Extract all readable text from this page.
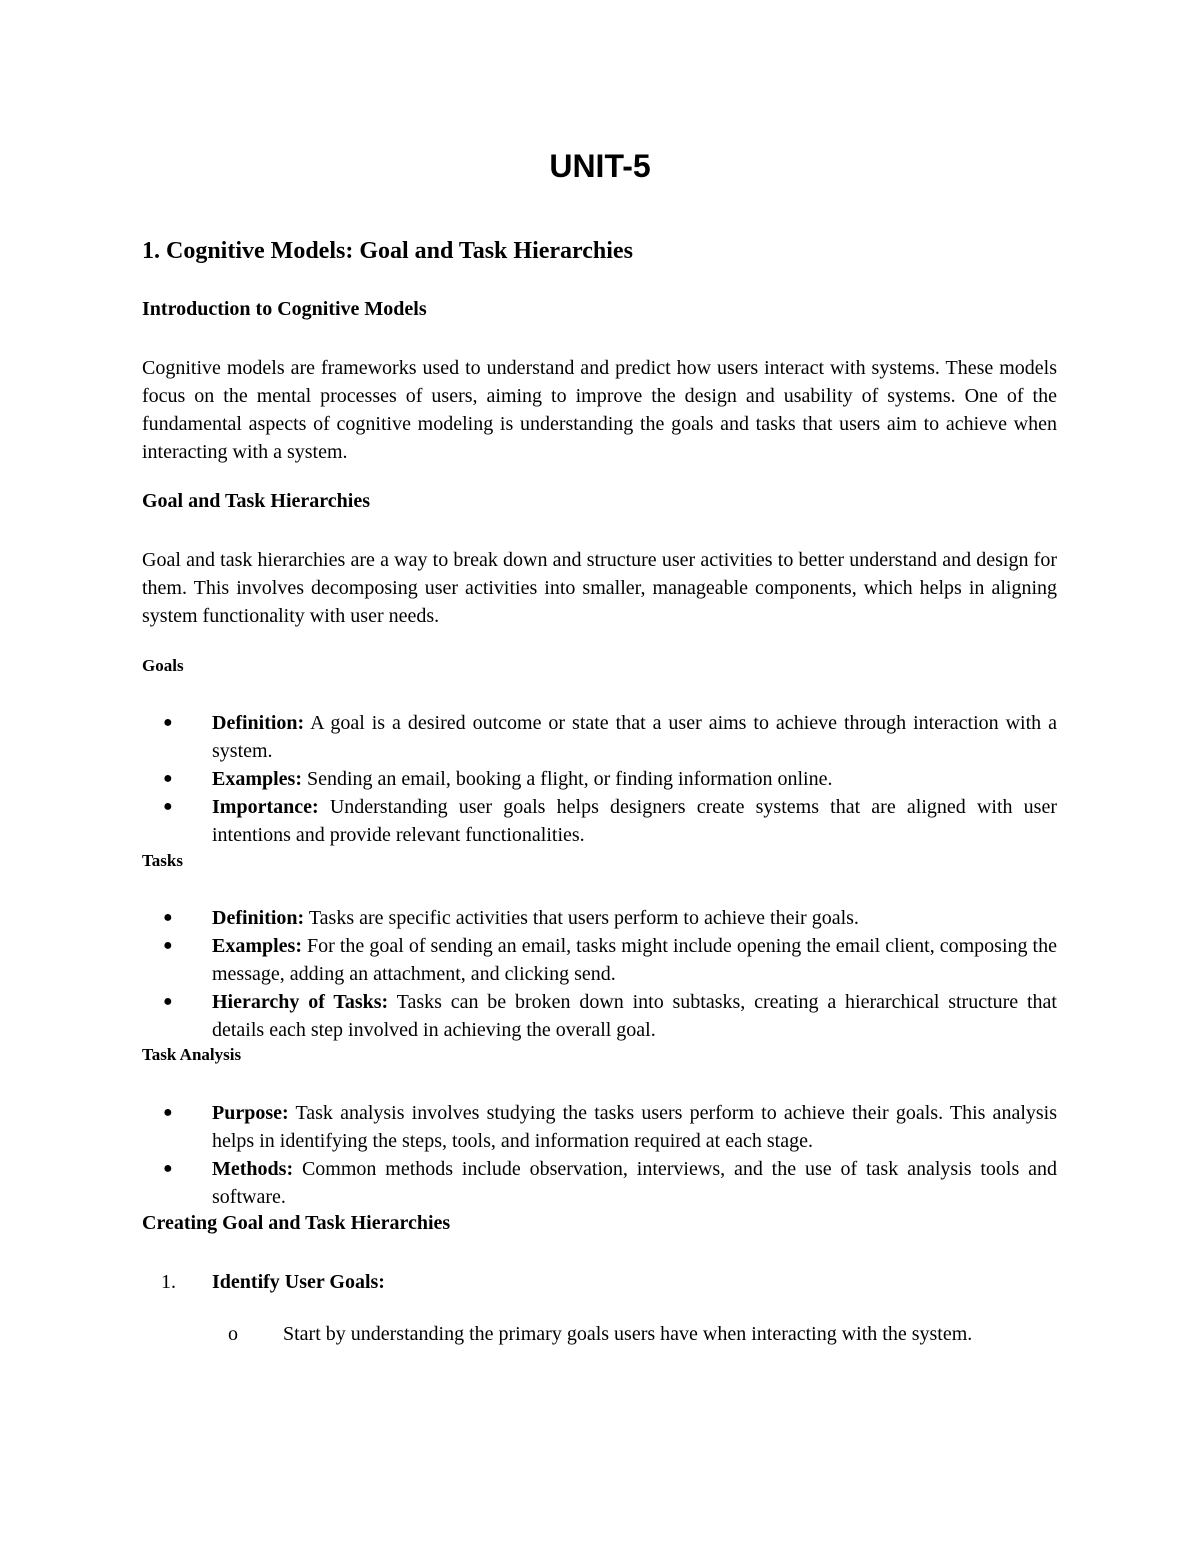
UNIT-5
1. Cognitive Models: Goal and Task Hierarchies
Introduction to Cognitive Models

Cognitive models are frameworks used to understand and predict how users interact with systems. These models focus on the mental processes of users, aiming to improve the design and usability of systems. One of the fundamental aspects of cognitive modeling is understanding the goals and tasks that users aim to achieve when interacting with a system.

Goal and Task Hierarchies

Goal and task hierarchies are a way to break down and structure user activities to better understand and design for them. This involves decomposing user activities into smaller, manageable components, which helps in aligning system functionality with user needs.

Goals
●	Definition: A goal is a desired outcome or state that a user aims to achieve through interaction with a system.
●	Examples: Sending an email, booking a flight, or finding information online.
●	Importance: Understanding user goals helps designers create systems that are aligned with user intentions and provide relevant functionalities.
Tasks
●	Definition: Tasks are specific activities that users perform to achieve their goals.
●	Examples: For the goal of sending an email, tasks might include opening the email client, composing the message, adding an attachment, and clicking send.
●	Hierarchy of Tasks: Tasks can be broken down into subtasks, creating a hierarchical structure that details each step involved in achieving the overall goal.
Task Analysis
●	Purpose: Task analysis involves studying the tasks users perform to achieve their goals. This analysis helps in identifying the steps, tools, and information required at each stage.
●	Methods: Common methods include observation, interviews, and the use of task analysis tools and software.
Creating Goal and Task Hierarchies
1. Identify User Goals:
o Start by understanding the primary goals users have when interacting with the system.
